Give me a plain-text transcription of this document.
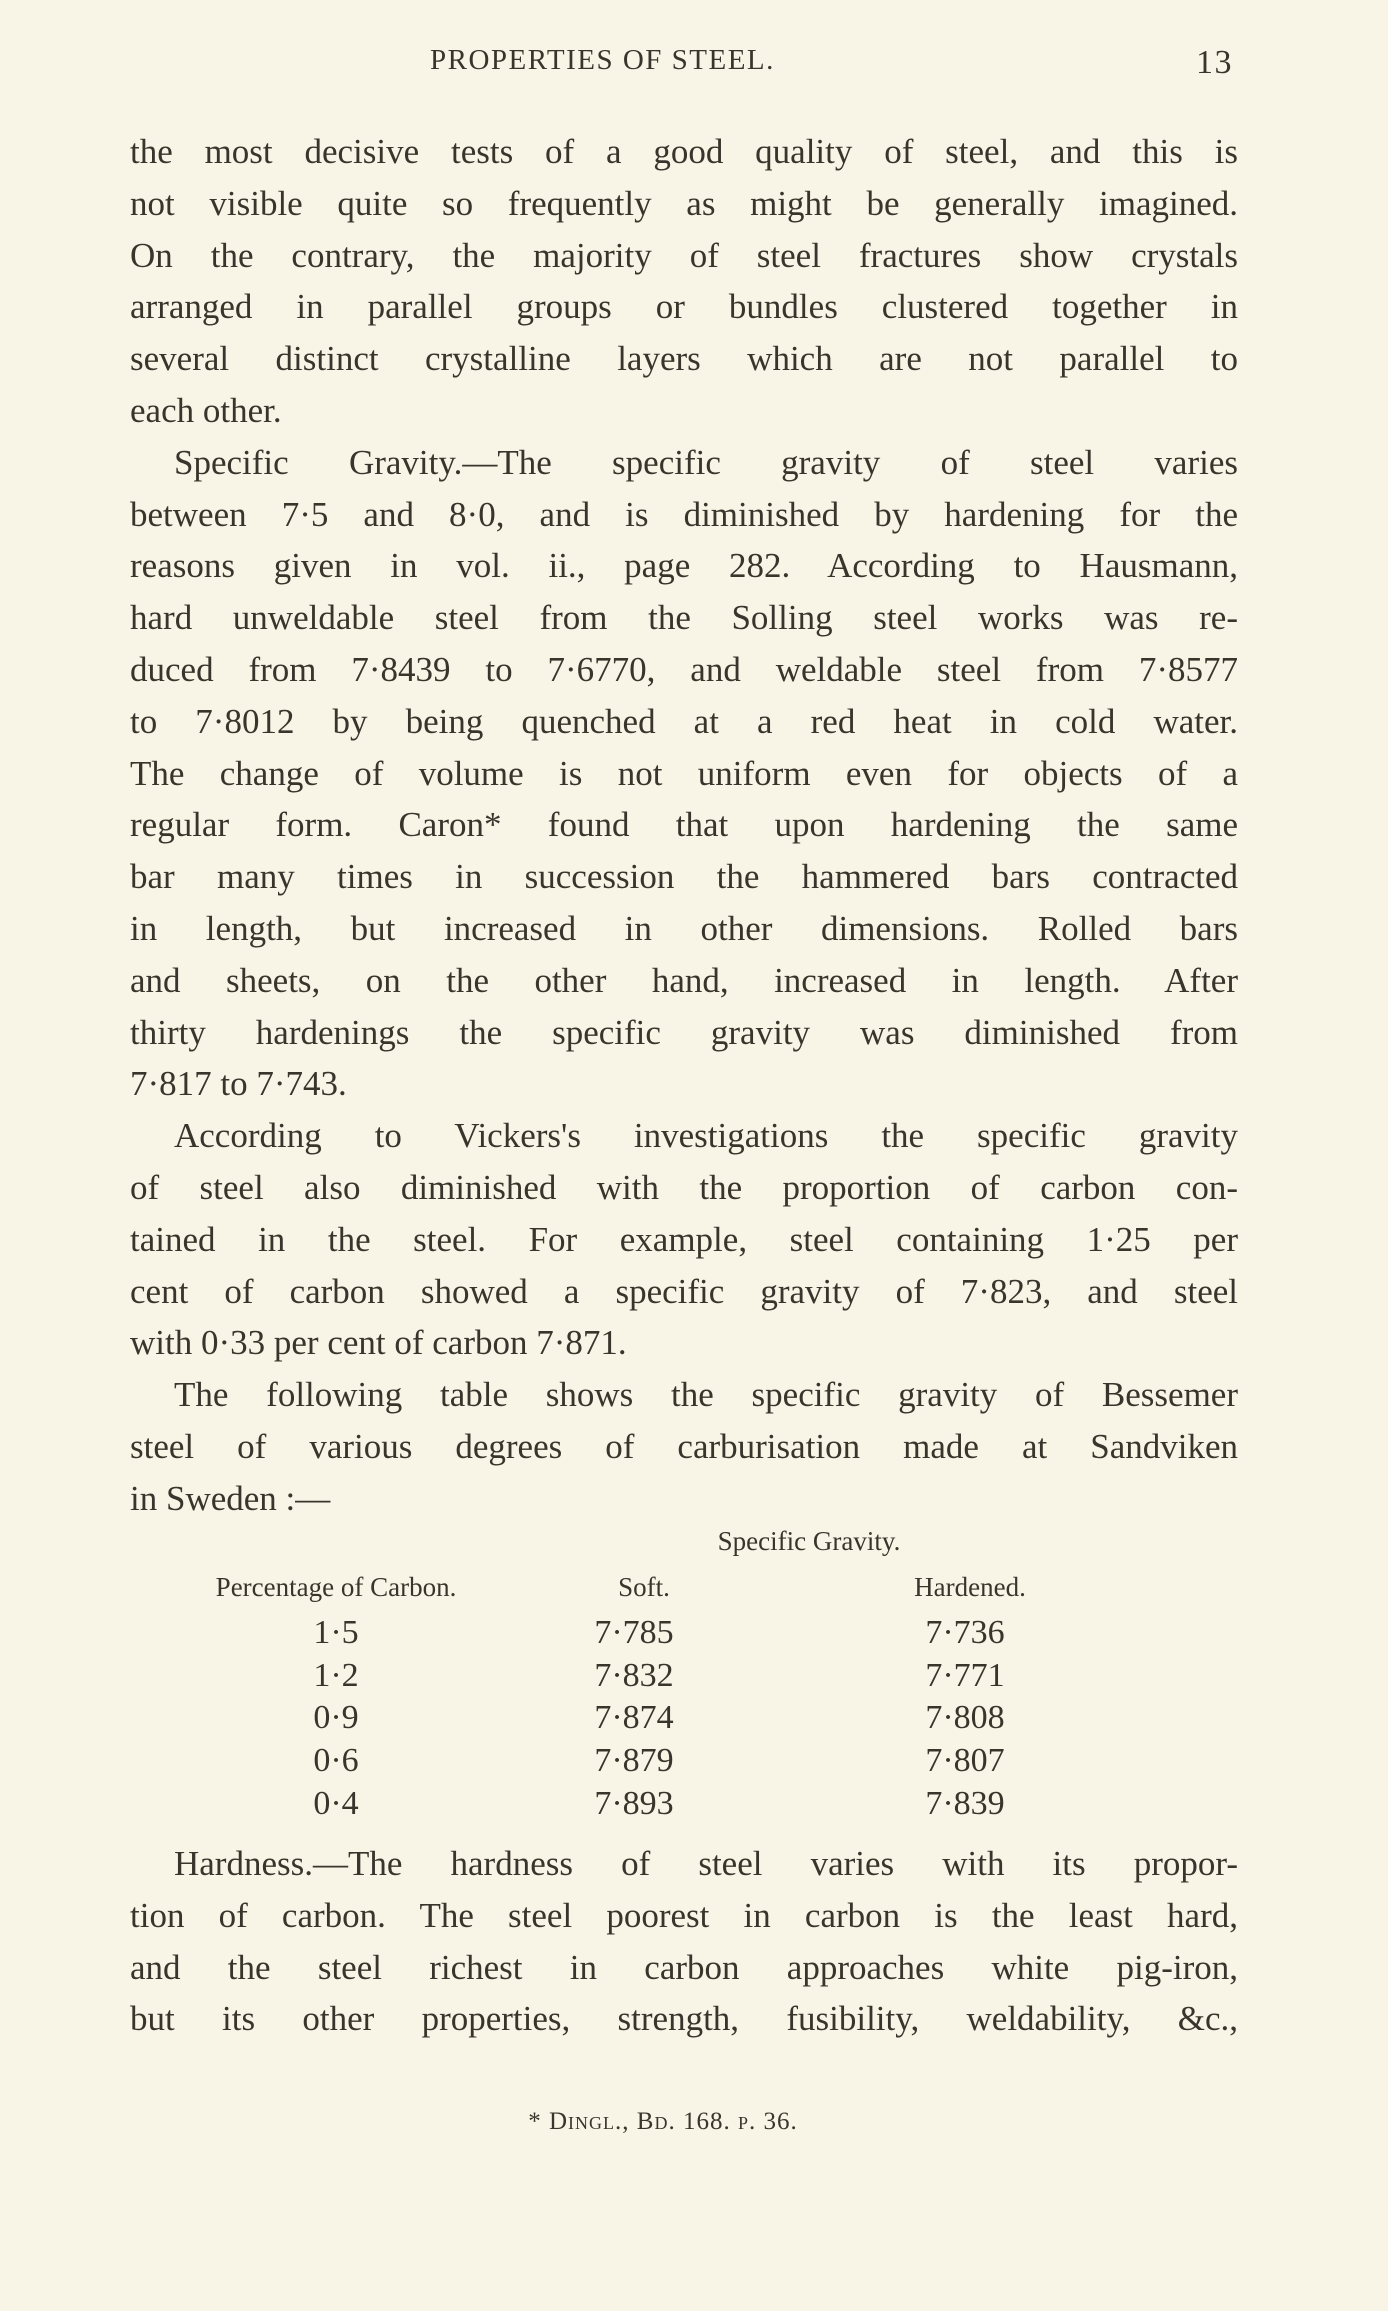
PROPERTIES OF STEEL.	13
the most decisive tests of a good quality of steel, and this is
not visible quite so frequently as might be generally imagined.
On the contrary, the majority of steel fractures show crystals
arranged in parallel groups or bundles clustered together in
several distinct crystalline layers which are not parallel to
each other.
Specific Gravity.—The specific gravity of steel varies
between 7·5 and 8·0, and is diminished by hardening for the
reasons given in vol. ii., page 282. According to Hausmann,
hard unweldable steel from the Solling steel works was re-
duced from 7·8439 to 7·6770, and weldable steel from 7·8577
to 7·8012 by being quenched at a red heat in cold water.
The change of volume is not uniform even for objects of a
regular form. Caron* found that upon hardening the same
bar many times in succession the hammered bars contracted
in length, but increased in other dimensions. Rolled bars
and sheets, on the other hand, increased in length. After
thirty hardenings the specific gravity was diminished from
7·817 to 7·743.
According to Vickers's investigations the specific gravity
of steel also diminished with the proportion of carbon con-
tained in the steel. For example, steel containing 1·25 per
cent of carbon showed a specific gravity of 7·823, and steel
with 0·33 per cent of carbon 7·871.
The following table shows the specific gravity of Bessemer
steel of various degrees of carburisation made at Sandviken
in Sweden :—
Specific Gravity.
Percentage of Carbon.	Soft.	Hardened.
1·5	7·785	7·736
1·2	7·832	7·771
0·9	7·874	7·808
0·6	7·879	7·807
0·4	7·893	7·839
Hardness.—The hardness of steel varies with its propor-
tion of carbon. The steel poorest in carbon is the least hard,
and the steel richest in carbon approaches white pig-iron,
but its other properties, strength, fusibility, weldability, &c.,
* Dingl., Bd. 168. p. 36.
